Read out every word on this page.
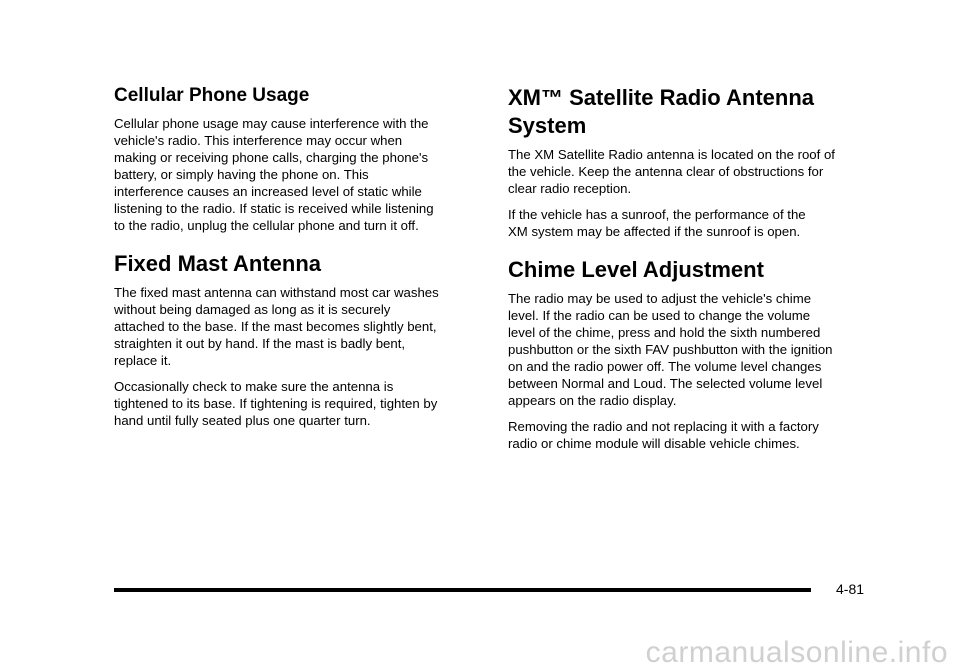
Cellular Phone Usage

Cellular phone usage may cause interference with the
vehicle's radio. This interference may occur when
making or receiving phone calls, charging the phone's
battery, or simply having the phone on. This
interference causes an increased level of static while
listening to the radio. If static is received while listening
to the radio, unplug the cellular phone and turn it off.

Fixed Mast Antenna

The fixed mast antenna can withstand most car washes
without being damaged as long as it is securely
attached to the base. If the mast becomes slightly bent,
straighten it out by hand. If the mast is badly bent,
replace it.

Occasionally check to make sure the antenna is
tightened to its base. If tightening is required, tighten by
hand until fully seated plus one quarter turn.

XM™ Satellite Radio Antenna
System

The XM Satellite Radio antenna is located on the roof of
the vehicle. Keep the antenna clear of obstructions for
clear radio reception.

If the vehicle has a sunroof, the performance of the
XM system may be affected if the sunroof is open.

Chime Level Adjustment

The radio may be used to adjust the vehicle's chime
level. If the radio can be used to change the volume
level of the chime, press and hold the sixth numbered
pushbutton or the sixth FAV pushbutton with the ignition
on and the radio power off. The volume level changes
between Normal and Loud. The selected volume level
appears on the radio display.

Removing the radio and not replacing it with a factory
radio or chime module will disable vehicle chimes.

4-81
carmanualsonline.info
